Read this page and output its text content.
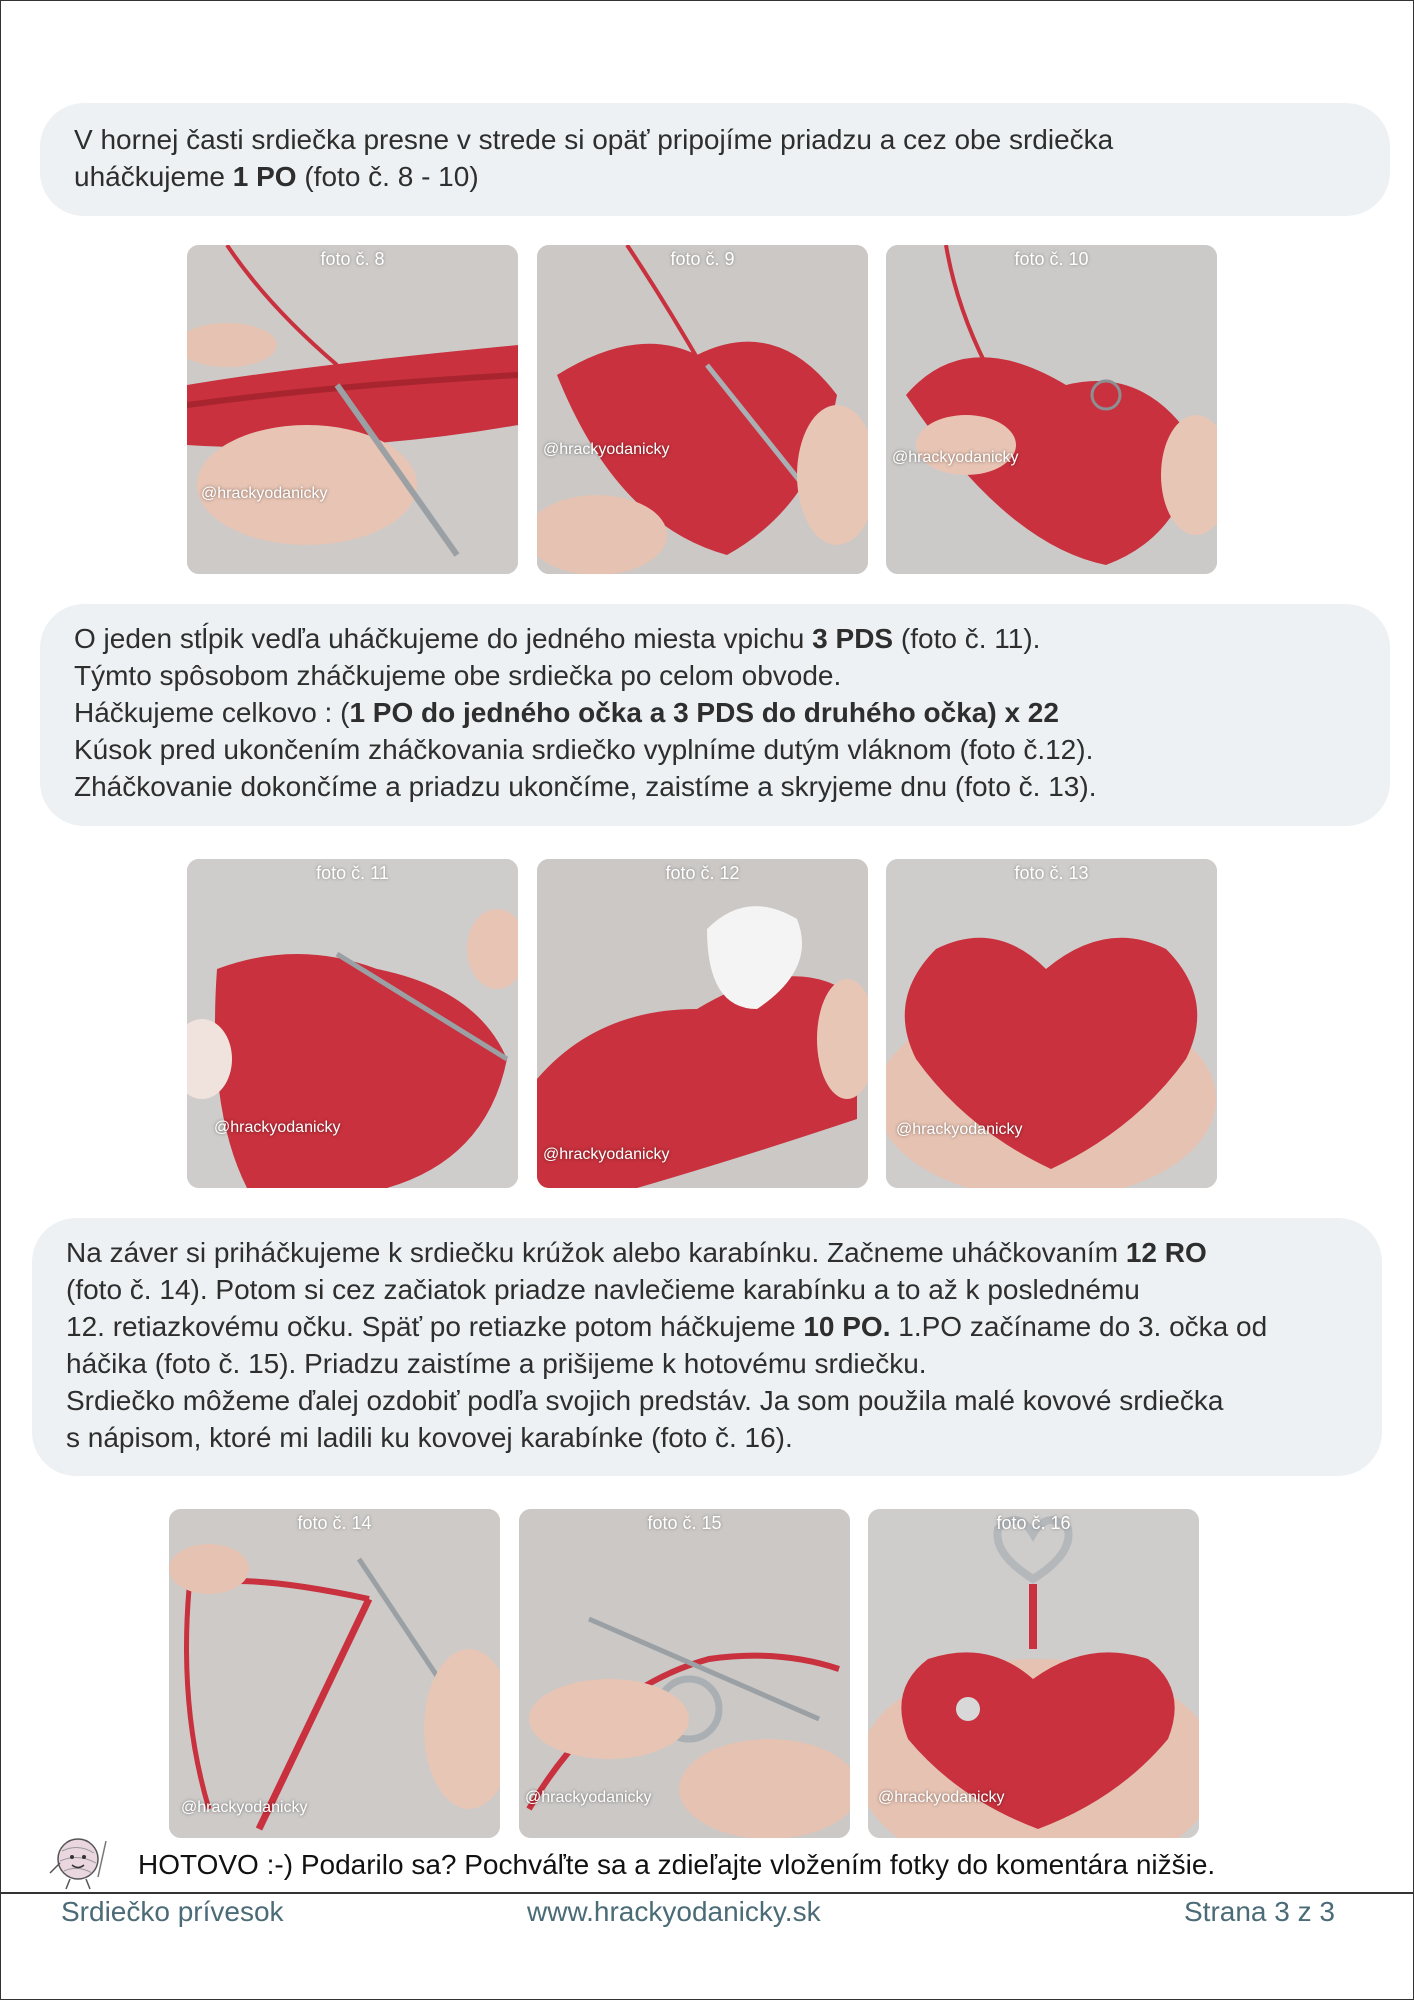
V hornej časti srdiečka presne v strede si opäť pripojíme priadzu a cez obe srdiečka

uháčkujeme 1 PO (foto č. 8 - 10)

foto č. 8
@hrackyodanicky
foto č. 9
@hrackyodanicky
foto č. 10
@hrackyodanicky

O jeden stĺpik vedľa uháčkujeme do jedného miesta vpichu 3 PDS (foto č. 11).

Týmto spôsobom zháčkujeme obe srdiečka po celom obvode.

Háčkujeme celkovo : (1 PO do jedného očka a 3 PDS do druhého očka) x 22

Kúsok pred ukončením zháčkovania srdiečko vyplníme dutým vláknom (foto č.12).

Zháčkovanie dokončíme a priadzu ukončíme, zaistíme a skryjeme dnu (foto č. 13).

foto č. 11
@hrackyodanicky
foto č. 12
@hrackyodanicky
foto č. 13
@hrackyodanicky

Na záver si priháčkujeme k srdiečku krúžok alebo karabínku. Začneme uháčkovaním 12 RO

(foto č. 14). Potom si cez začiatok priadze navlečieme karabínku a to až k poslednému

12. retiazkovému očku. Späť po retiazke potom háčkujeme 10 PO. 1.PO začíname do 3. očka od

háčika (foto č. 15). Priadzu zaistíme a prišijeme k hotovému srdiečku.

Srdiečko môžeme ďalej ozdobiť podľa svojich predstáv. Ja som použila malé kovové srdiečka

s nápisom, ktoré mi ladili ku kovovej karabínke (foto č. 16).

foto č. 14
@hrackyodanicky
foto č. 15
@hrackyodanicky
foto č. 16
@hrackyodanicky
HOTOVO :-) Podarilo sa? Pochváľte sa a zdieľajte vložením fotky do komentára nižšie.
Srdiečko prívesok	www.hrackyodanicky.sk	Strana 3 z 3
